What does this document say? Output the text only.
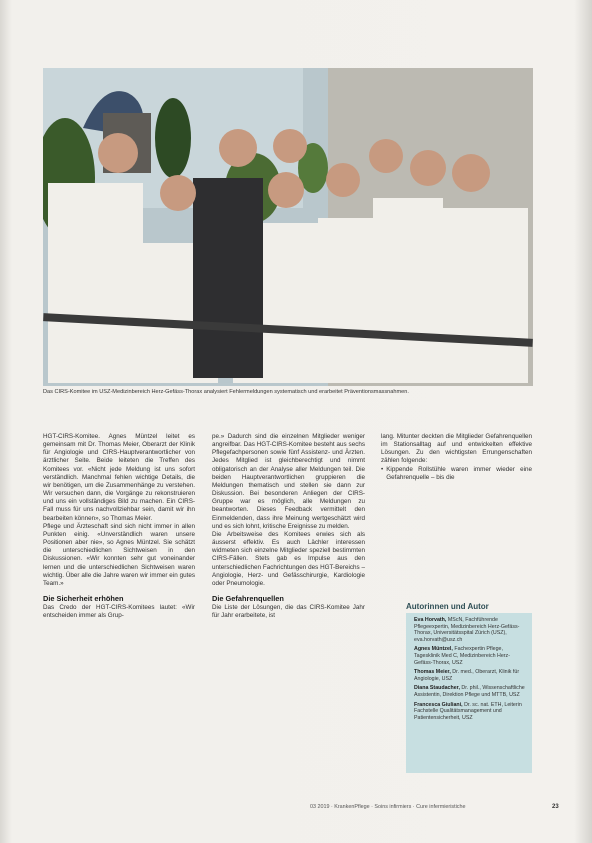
Das CIRS-Komitee im USZ-Medizinbereich Herz-Gefäss-Thorax analysiert Fehlermeldungen systematisch und erarbeitet Präventionsmassnahmen.

HGT-CIRS-Komitee. Agnes Müntzel leitet es gemeinsam mit Dr. Thomas Meier, Oberarzt der Klinik für Angiologie und CIRS-Hauptverantwortlicher von ärztlicher Seite. Beide leiteten die Treffen des Komitees vor. «Nicht jede Meldung ist uns sofort verständlich. Manchmal fehlen wichtige Details, die wir benötigen, um die Zusammenhänge zu verstehen. Wir versuchen dann, die Vorgänge zu rekonstruieren und uns ein vollständiges Bild zu machen. Ein CIRS-Fall muss für uns nachvollziehbar sein, damit wir ihn bearbeiten können», so Thomas Meier.

Pflege und Ärzteschaft sind sich nicht immer in allen Punkten einig. «Unverständlich waren unsere Positionen aber nie», so Agnes Müntzel. Sie schätzt die unterschiedlichen Sichtweisen in den Diskussionen. «Wir konnten sehr gut voneinander lernen und die unterschiedlichen Sichtweisen waren wichtig. Über alle die Jahre waren wir immer ein gutes Team.»

Die Sicherheit erhöhen

Das Credo der HGT-CIRS-Komitees lautet: «Wir entscheiden immer als Grup-

pe.» Dadurch sind die einzelnen Mitglieder weniger angreifbar. Das HGT-CIRS-Komitee besteht aus sechs Pflegefachpersonen sowie fünf Assistenz- und Ärzten. Jedes Mitglied ist gleichberechtigt und nimmt obligatorisch an der Analyse aller Meldungen teil. Die beiden Hauptverantwortlichen gruppieren die Meldungen thematisch und stellen sie dann zur Diskussion. Bei besonderen Anliegen der CIRS-Gruppe war es möglich, alle Meldungen zu beantworten. Dieses Feedback vermittelt den Einmeldenden, dass ihre Meinung wertgeschätzt wird und es sich lohnt, kritische Ereignisse zu melden.

Die Arbeitsweise des Komitees erwies sich als äusserst effektiv. Es auch Lächler interessen widmeten sich einzelne Mitglieder speziell bestimmten CIRS-Fällen. Stets gab es Impulse aus den unterschiedlichen Fachrichtungen des HGT-Bereichs – Angiologie, Herz- und Gefässchirurgie, Kardiologie oder Pneumologie.

Die Gefahrenquellen

Die Liste der Lösungen, die das CIRS-Komitee Jahr für Jahr erarbeitete, ist

lang. Mitunter deckten die Mitglieder Gefahrenquellen im Stationsalltag auf und entwickelten effektive Lösungen. Zu den wichtigsten Errungenschaften zählen folgende:

• Kippende Rollstühle waren immer wieder eine Gefahrenquelle – bis die
Autorinnen und Autor

Eva Horvath, MScN, Fachführende Pflegeexpertin, Medizinbereich Herz-Gefäss-Thorax, Universitätsspital Zürich (USZ), eva.horvath@usz.ch

Agnes Müntzel, Fachexpertin Pflege, Tagesklinik Med C, Medizinbereich Herz-Gefäss-Thorax, USZ

Thomas Meier, Dr. med., Oberarzt, Klinik für Angiologie, USZ

Diana Staudacher, Dr. phil., Wissenschaftliche Assistentin, Direktion Pflege und MTTB, USZ

Francesca Giuliani, Dr. sc. nat. ETH, Leiterin Fachstelle Qualitätsmanagement und Patientensicherheit, USZ

03 2019 · KrankenPflege · Soins infirmiers · Cure infermieristiche	23
